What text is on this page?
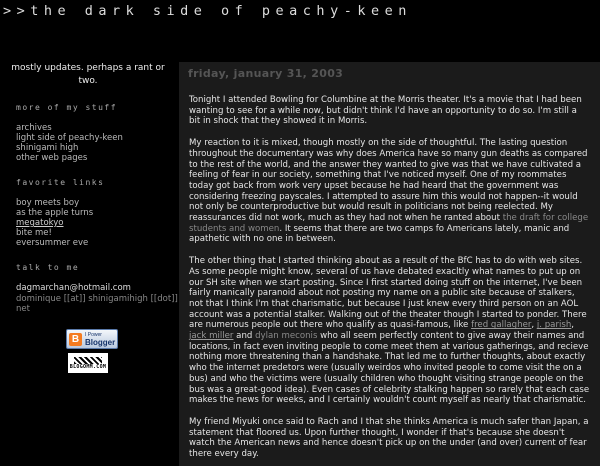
>>the dark side of peachy-keen
mostly updates. perhaps a rant or two.
more of my stuff
archives
light side of peachy-keen
shinigami high
other web pages
favorite links
boy meets boy
as the apple turns
megatokyo
bite me!
eversummer eve
talk to me
dagmarchan@hotmail.com
dominique [[at]] shinigamihigh [[dot]] net
B	I Power
Blogger
BLOGOMM.COM
friday, january 31, 2003

Tonight I attended Bowling for Columbine at the Morris theater. It's a movie that I had been wanting to see for a while now, but didn't think I'd have an opportunity to do so. I'm still a bit in shock that they showed it in Morris.

My reaction to it is mixed, though mostly on the side of thoughtful. The lasting question throughout the documentary was why does America have so many gun deaths as compared to the rest of the world, and the answer they wanted to give was that we have cultivated a feeling of fear in our society, something that I've noticed myself. One of my roommates today got back from work very upset because he had heard that the government was considering freezing payscales. I attempted to assure him this would not happen--it would not only be counterproductive but would result in politicians not being reelected. My reassurances did not work, much as they had not when he ranted about the draft for college students and women. It seems that there are two camps fo Americans lately, manic and apathetic with no one in between.

The other thing that I started thinking about as a result of the BfC has to do with web sites. As some people might know, several of us have debated exacltly what names to put up on our SH site when we start posting. Since I first started doing stuff on the internet, I've been fairly manically paranoid about not posting my name on a public site because of stalkers, not that I think I'm that charismatic, but because I just knew every third person on an AOL account was a potential stalker. Walking out of the theater though I started to ponder. There are numerous people out there who qualify as quasi-famous, like fred gallagher, j. parish, jack miller and dylan meconis who all seem perfectly content to give away their names and locations, in fact even inviting people to come meet them at various gatherings, and recieve nothing more threatening than a handshake. That led me to further thoughts, about exactly who the internet predetors were (usually weirdos who invited people to come visit the on a bus) and who the victims were (usually children who thought visiting strange people on the bus was a great-good idea). Even cases of celebrity stalking happen so rarely that each case makes the news for weeks, and I certainly wouldn't count myself as nearly that charismatic.

My friend Miyuki once said to Rach and I that she thinks America is much safer than Japan, a statement that floored us. Upon further thought, I wonder if that's because she doesn't watch the American news and hence doesn't pick up on the under (and over) current of fear there every day.
